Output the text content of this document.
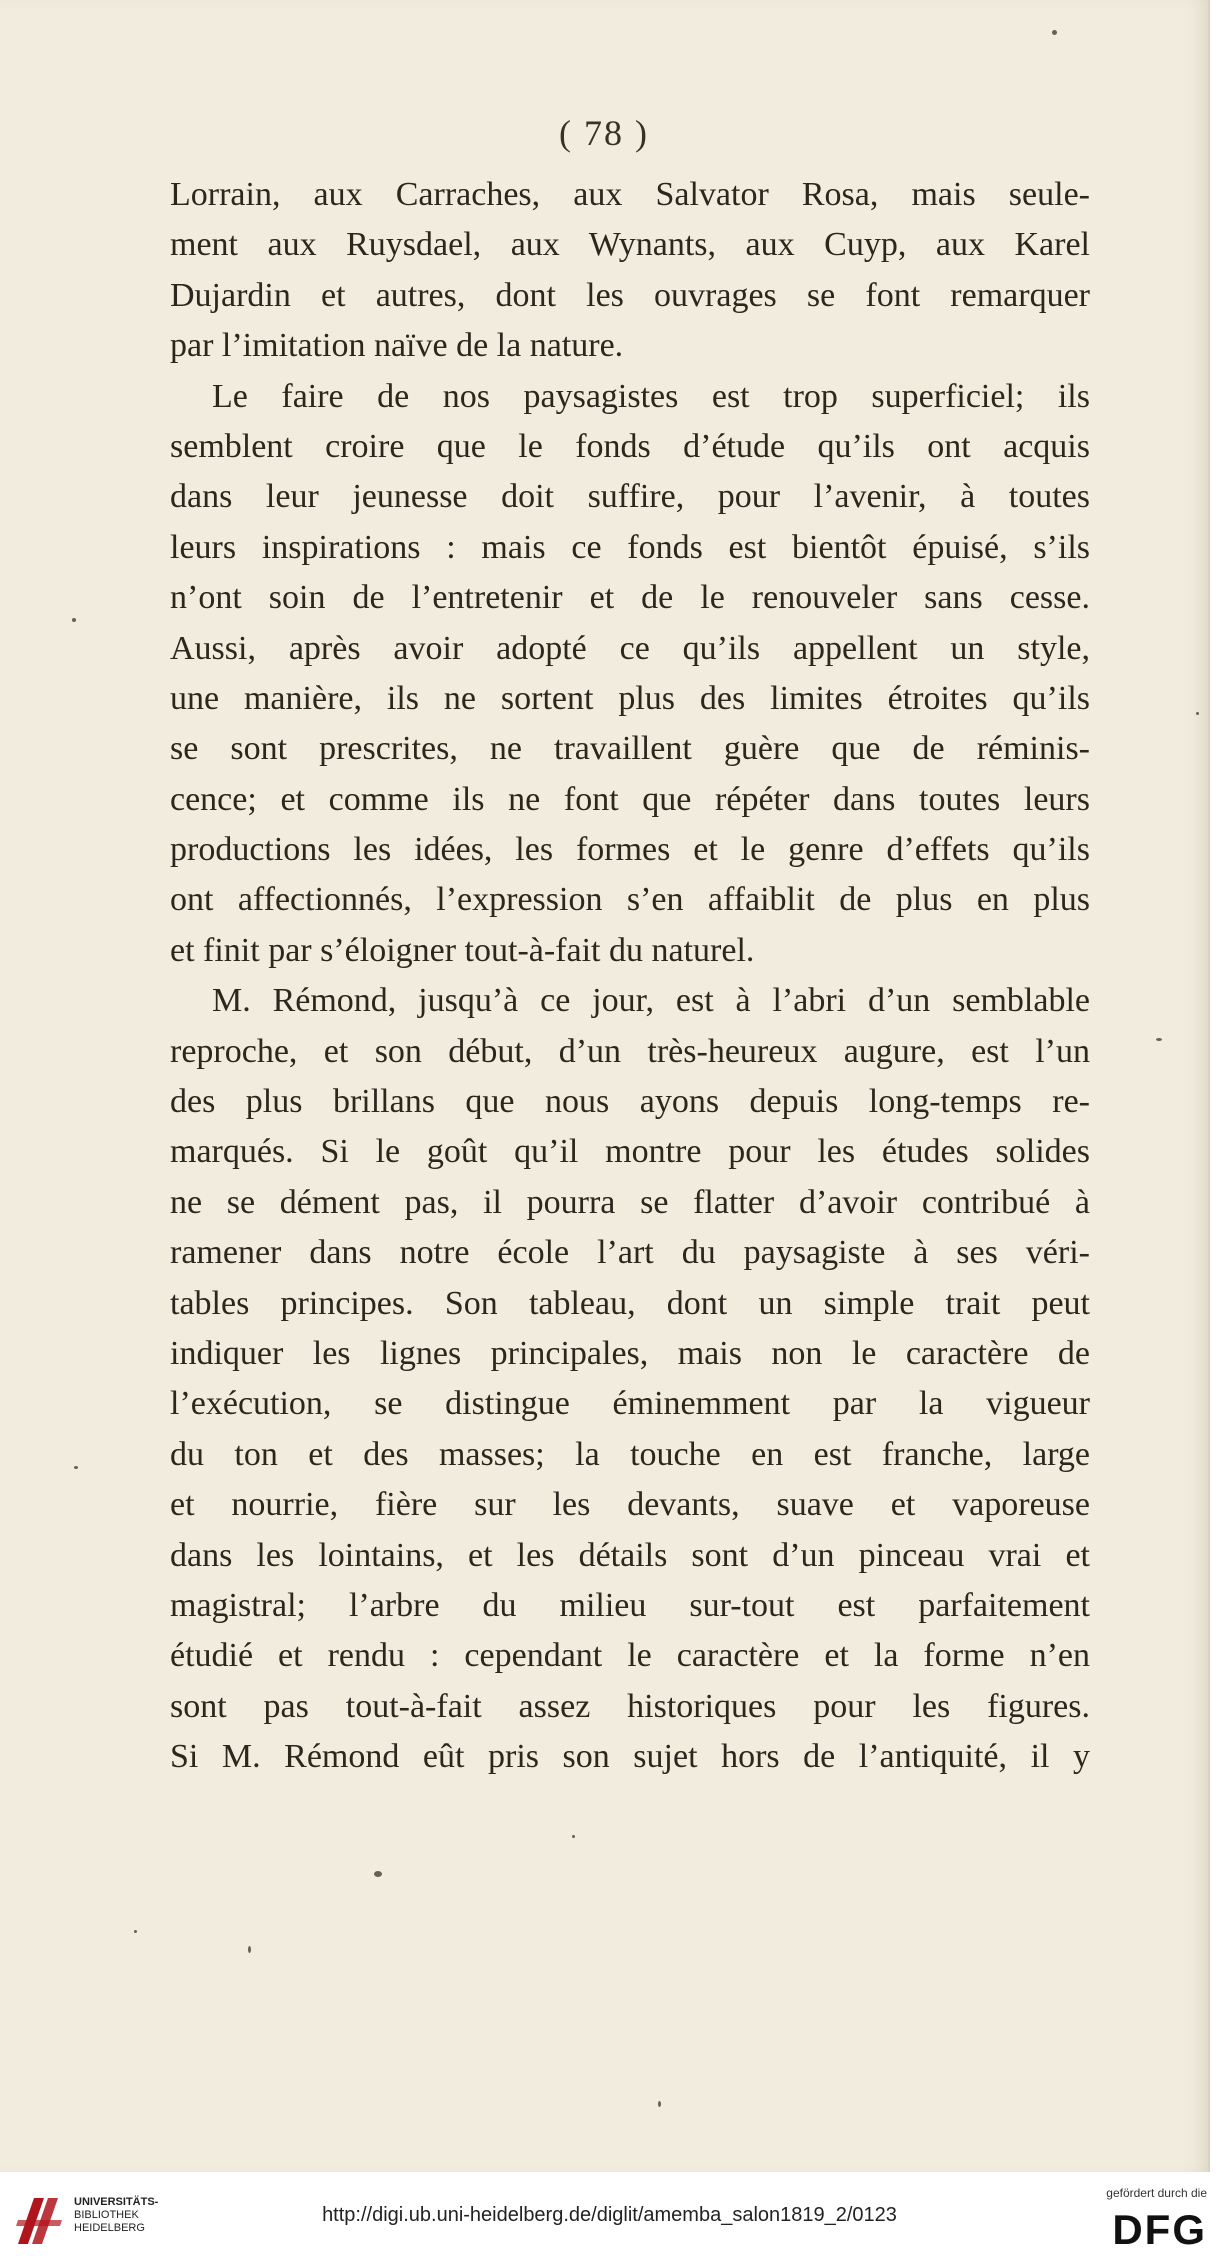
( 78 )
Lorrain, aux Carraches, aux Salvator Rosa, mais seule-
ment aux Ruysdael, aux Wynants, aux Cuyp, aux Karel
Dujardin et autres, dont les ouvrages se font remarquer
par l’imitation naïve de la nature.
Le faire de nos paysagistes est trop superficiel; ils
semblent croire que le fonds d’étude qu’ils ont acquis
dans leur jeunesse doit suffire, pour l’avenir, à toutes
leurs inspirations : mais ce fonds est bientôt épuisé, s’ils
n’ont soin de l’entretenir et de le renouveler sans cesse.
Aussi, après avoir adopté ce qu’ils appellent un style,
une manière, ils ne sortent plus des limites étroites qu’ils
se sont prescrites, ne travaillent guère que de réminis-
cence; et comme ils ne font que répéter dans toutes leurs
productions les idées, les formes et le genre d’effets qu’ils
ont affectionnés, l’expression s’en affaiblit de plus en plus
et finit par s’éloigner tout-à-fait du naturel.
M. Rémond, jusqu’à ce jour, est à l’abri d’un semblable
reproche, et son début, d’un très-heureux augure, est l’un
des plus brillans que nous ayons depuis long-temps re-
marqués. Si le goût qu’il montre pour les études solides
ne se dément pas, il pourra se flatter d’avoir contribué à
ramener dans notre école l’art du paysagiste à ses véri-
tables principes. Son tableau, dont un simple trait peut
indiquer les lignes principales, mais non le caractère de
l’exécution, se distingue éminemment par la vigueur
du ton et des masses; la touche en est franche, large
et nourrie, fière sur les devants, suave et vaporeuse
dans les lointains, et les détails sont d’un pinceau vrai et
magistral; l’arbre du milieu sur-tout est parfaitement
étudié et rendu : cependant le caractère et la forme n’en
sont pas tout-à-fait assez historiques pour les figures.
Si M. Rémond eût pris son sujet hors de l’antiquité, il y
UNIVERSITÄTS-
BIBLIOTHEK
HEIDELBERG
http://digi.ub.uni-heidelberg.de/diglit/amemba_salon1819_2/0123
gefördert durch die
DFG
